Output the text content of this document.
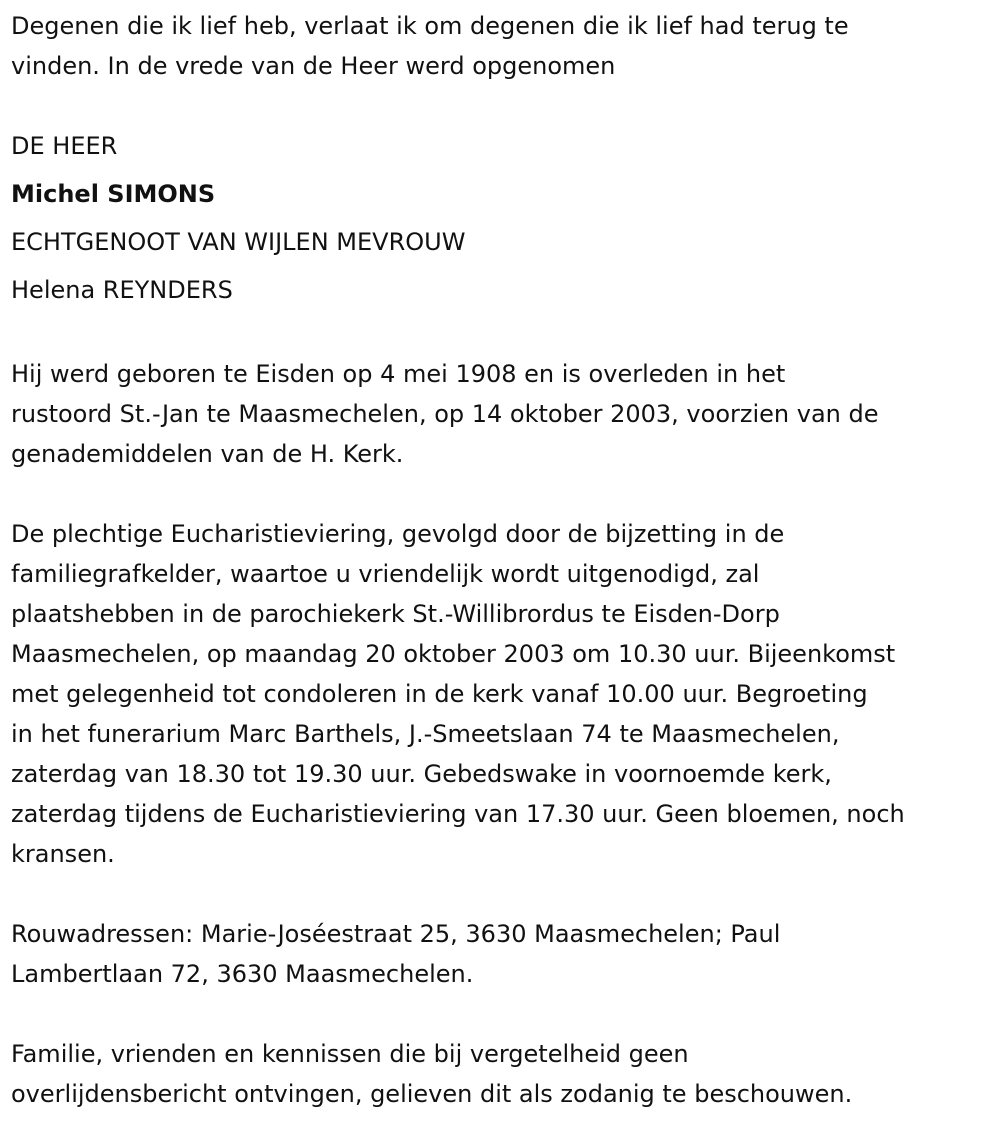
Degenen die ik lief heb, verlaat ik om degenen die ik lief had terug te
vinden. In de vrede van de Heer werd opgenomen

DE HEER
Michel SIMONS
ECHTGENOOT VAN WIJLEN MEVROUW
Helena REYNDERS

Hij werd geboren te Eisden op 4 mei 1908 en is overleden in het
rustoord St.-Jan te Maasmechelen, op 14 oktober 2003, voorzien van de
genademiddelen van de H. Kerk.

De plechtige Eucharistieviering, gevolgd door de bijzetting in de
familiegrafkelder, waartoe u vriendelijk wordt uitgenodigd, zal
plaatshebben in de parochiekerk St.-Willibrordus te Eisden-Dorp
Maasmechelen, op maandag 20 oktober 2003 om 10.30 uur. Bijeenkomst
met gelegenheid tot condoleren in de kerk vanaf 10.00 uur. Begroeting
in het funerarium Marc Barthels, J.-Smeetslaan 74 te Maasmechelen,
zaterdag van 18.30 tot 19.30 uur. Gebedswake in voornoemde kerk,
zaterdag tijdens de Eucharistieviering van 17.30 uur. Geen bloemen, noch
kransen.

Rouwadressen: Marie-Joséestraat 25, 3630 Maasmechelen; Paul
Lambertlaan 72, 3630 Maasmechelen.

Familie, vrienden en kennissen die bij vergetelheid geen
overlijdensbericht ontvingen, gelieven dit als zodanig te beschouwen.
